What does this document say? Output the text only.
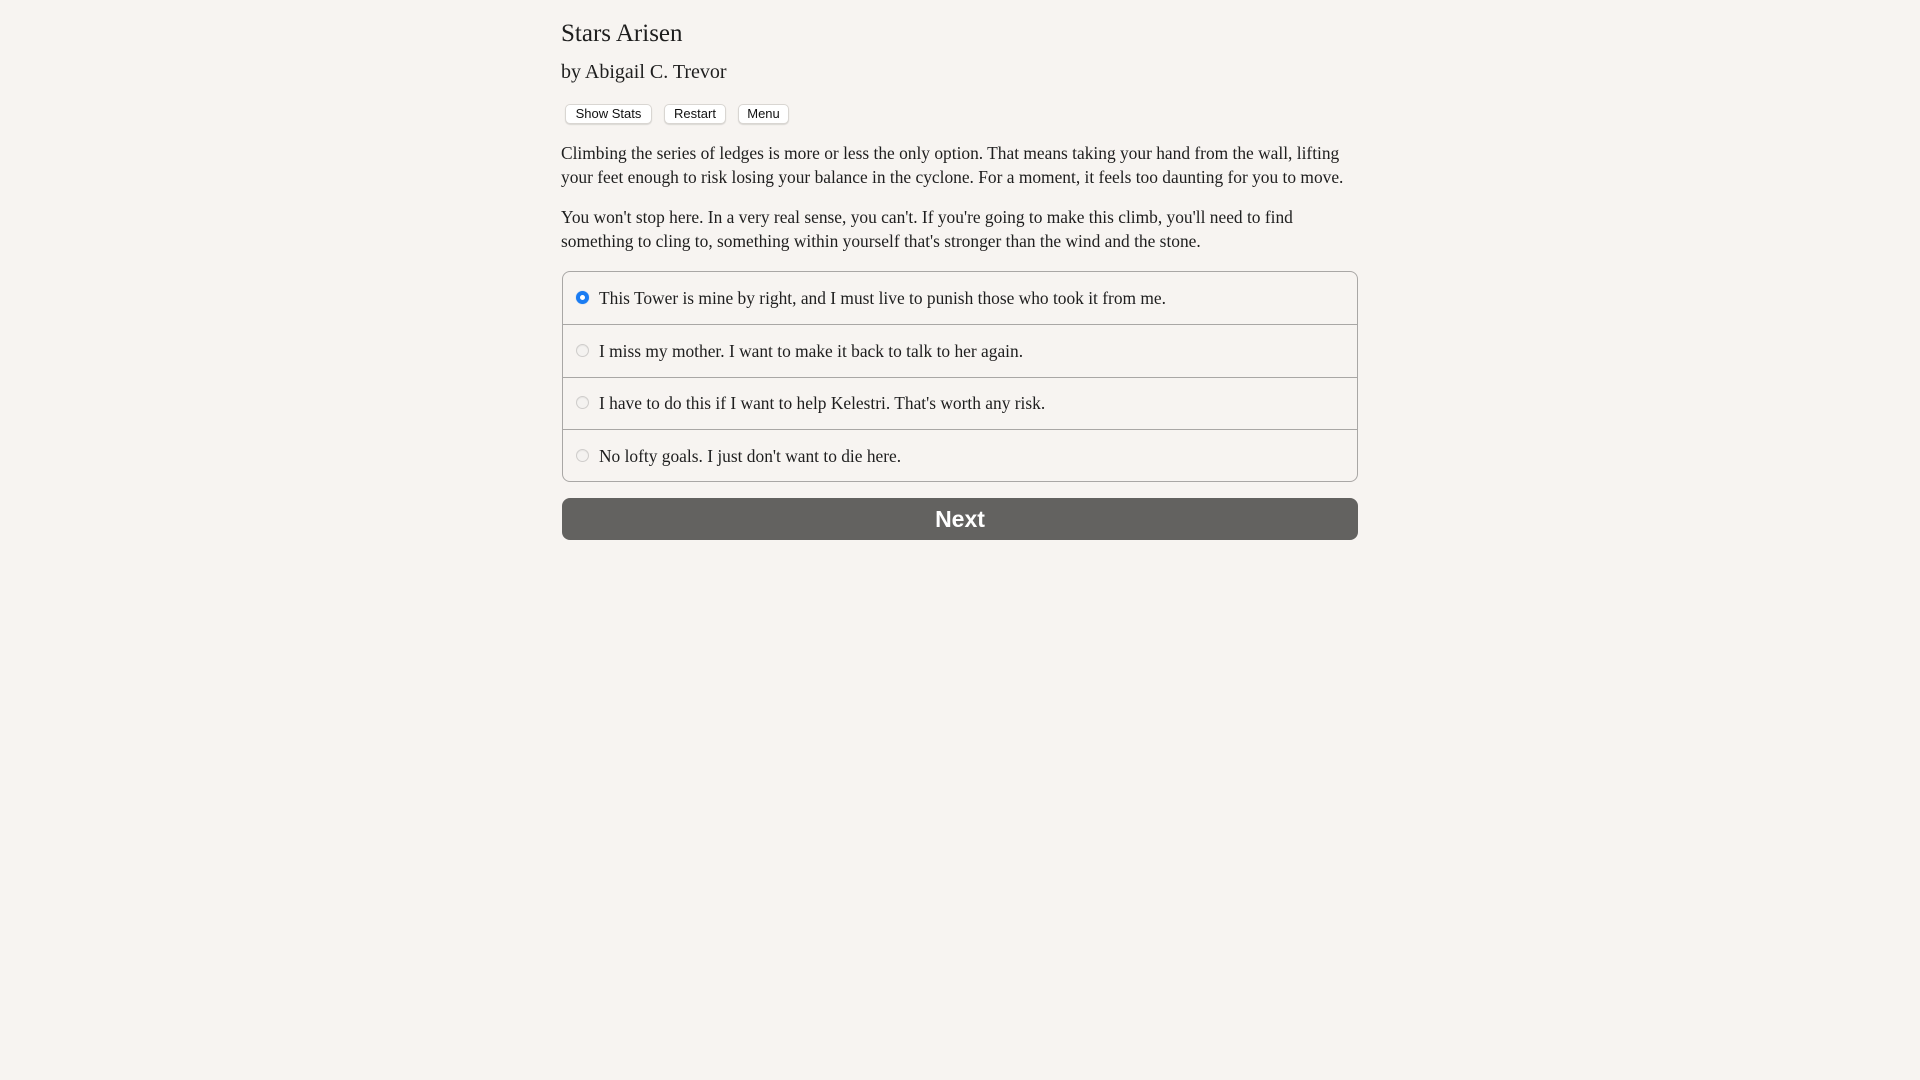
Stars Arisen
by Abigail C. Trevor
Show Stats	Restart	Menu

Climbing the series of ledges is more or less the only option. That means taking your hand from the wall, lifting your feet enough to risk losing your balance in the cyclone. For a moment, it feels too daunting for you to move.

You won't stop here. In a very real sense, you can't. If you're going to make this climb, you'll need to find something to cling to, something within yourself that's stronger than the wind and the stone.

This Tower is mine by right, and I must live to punish those who took it from me.
I miss my mother. I want to make it back to talk to her again.
I have to do this if I want to help Kelestri. That's worth any risk.
No lofty goals. I just don't want to die here.
Next
